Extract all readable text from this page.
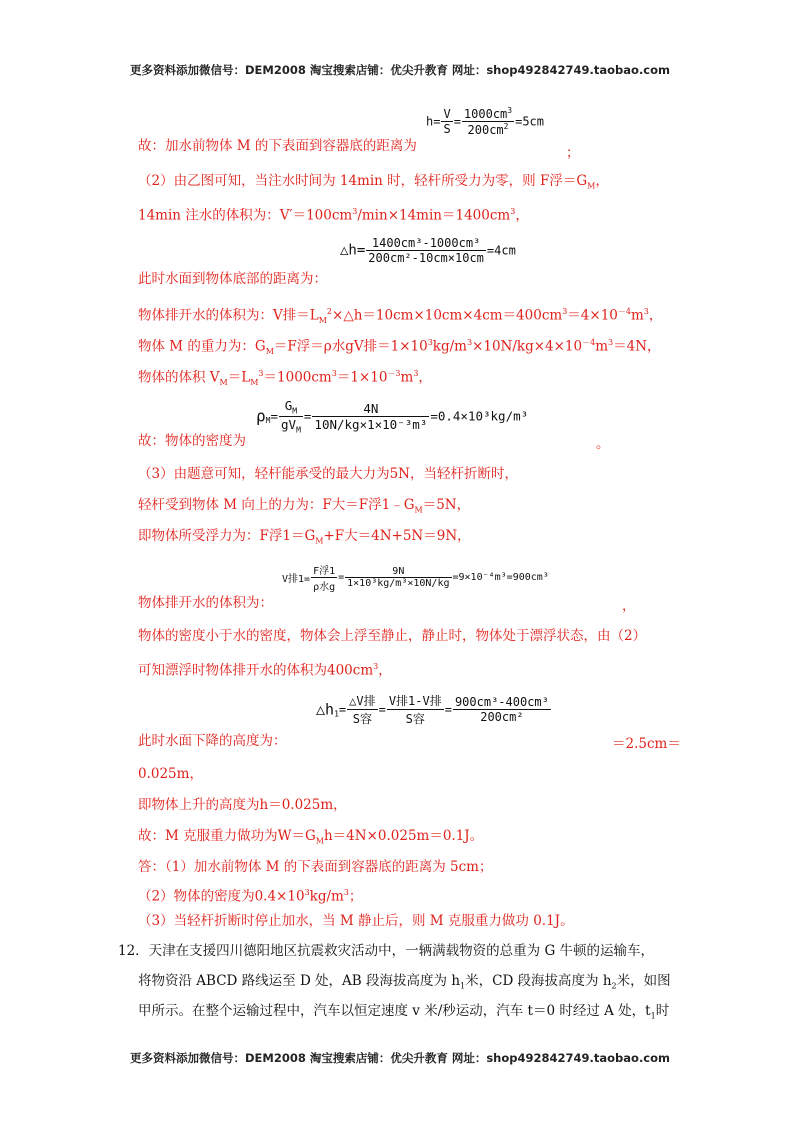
更多资料添加微信号：DEM2008 淘宝搜索店铺：优尖升教育 网址：shop492842749.taobao.com
$h= \frac{V}{S} = \frac{1000cm^3}{200cm^2} =5cm$
故：加水前物体 M 的下表面到容器底的距离为	；
（2）由乙图可知，当注水时间为 14min 时，轻杆所受力为零，则 F浮$=G_M$，
14min 注水的体积为：$V'=100cm^3/\min\times 14\min=1400cm^3$，
△h= $\frac{\text{1400cm³-1000cm³}}{\text{200cm²-10cm×10cm}} =4cm$
此时水面到物体底部的距离为：
物体排开水的体积为：V排$=L_M^2\times\triangle h=10cm\times 10cm\times 4cm=400cm^3=4\times 10^{-4}m^3$，
物体 M 的重力为：$G_M=F$浮＝ρ水gV排$=1\times 10^3kg/m^3\times 10N/kg\times 4\times 10^{-4}m^3=4N$，
物体的体积 $V_M=L_M^3=1000cm^3=1\times 10^{-3}m^3$，
$\rho_M= \frac{G_M}{gV_M} = \frac{4N}{\text{10N/kg×1×10⁻³m³}} =0.4\times 10^3kg/m^3$
故：物体的密度为	。
（3）由题意可知，轻杆能承受的最大力为5N，当轻杆折断时，
轻杆受到物体 M 向上的力为：F大＝F浮$1﹣G_M=5N$，
即物体所受浮力为：F浮$1=G_M+F$大＝4N+5N＝9N，
V排$1= \frac{\text{F浮1}}{\text{ρ水g}} = \frac{9N}{\text{1×10³kg/m³×10N/kg}} =9\times 10^{-4}m^3=900cm^3$
物体排开水的体积为：	，
物体的密度小于水的密度，物体会上浮至静止，静止时，物体处于漂浮状态，由（2）
可知漂浮时物体排开水的体积为$400cm^3$，
$\triangle h_1= \frac{\text{△V排}}{\text{S容}} = \frac{\text{V排1-V排}}{\text{S容}} = \frac{\text{900cm³-400cm³}}{\text{200cm²}}$
此时水面下降的高度为：	＝2.5cm＝
0.025m，
即物体上升的高度为h＝0.025m，
故：M 克服重力做功为$W=G_Mh=4N\times 0.025m=0.1J$。
答：（1）加水前物体 M 的下表面到容器底的距离为 5cm；
（2）物体的密度为$0.4\times 10^3kg/m^3$；
（3）当轻杆折断时停止加水，当 M 静止后，则 M 克服重力做功 0.1J。
12．天津在支援四川德阳地区抗震救灾活动中，一辆满载物资的总重为 G 牛顿的运输车，
将物资沿 ABCD 路线运至 D 处，AB 段海拔高度为 $h_1$米，CD 段海拔高度为 $h_2$米，如图
甲所示。在整个运输过程中，汽车以恒定速度 v 米/秒运动，汽车 t＝0 时经过 A 处，$t_1$时
更多资料添加微信号：DEM2008 淘宝搜索店铺：优尖升教育 网址：shop492842749.taobao.com
